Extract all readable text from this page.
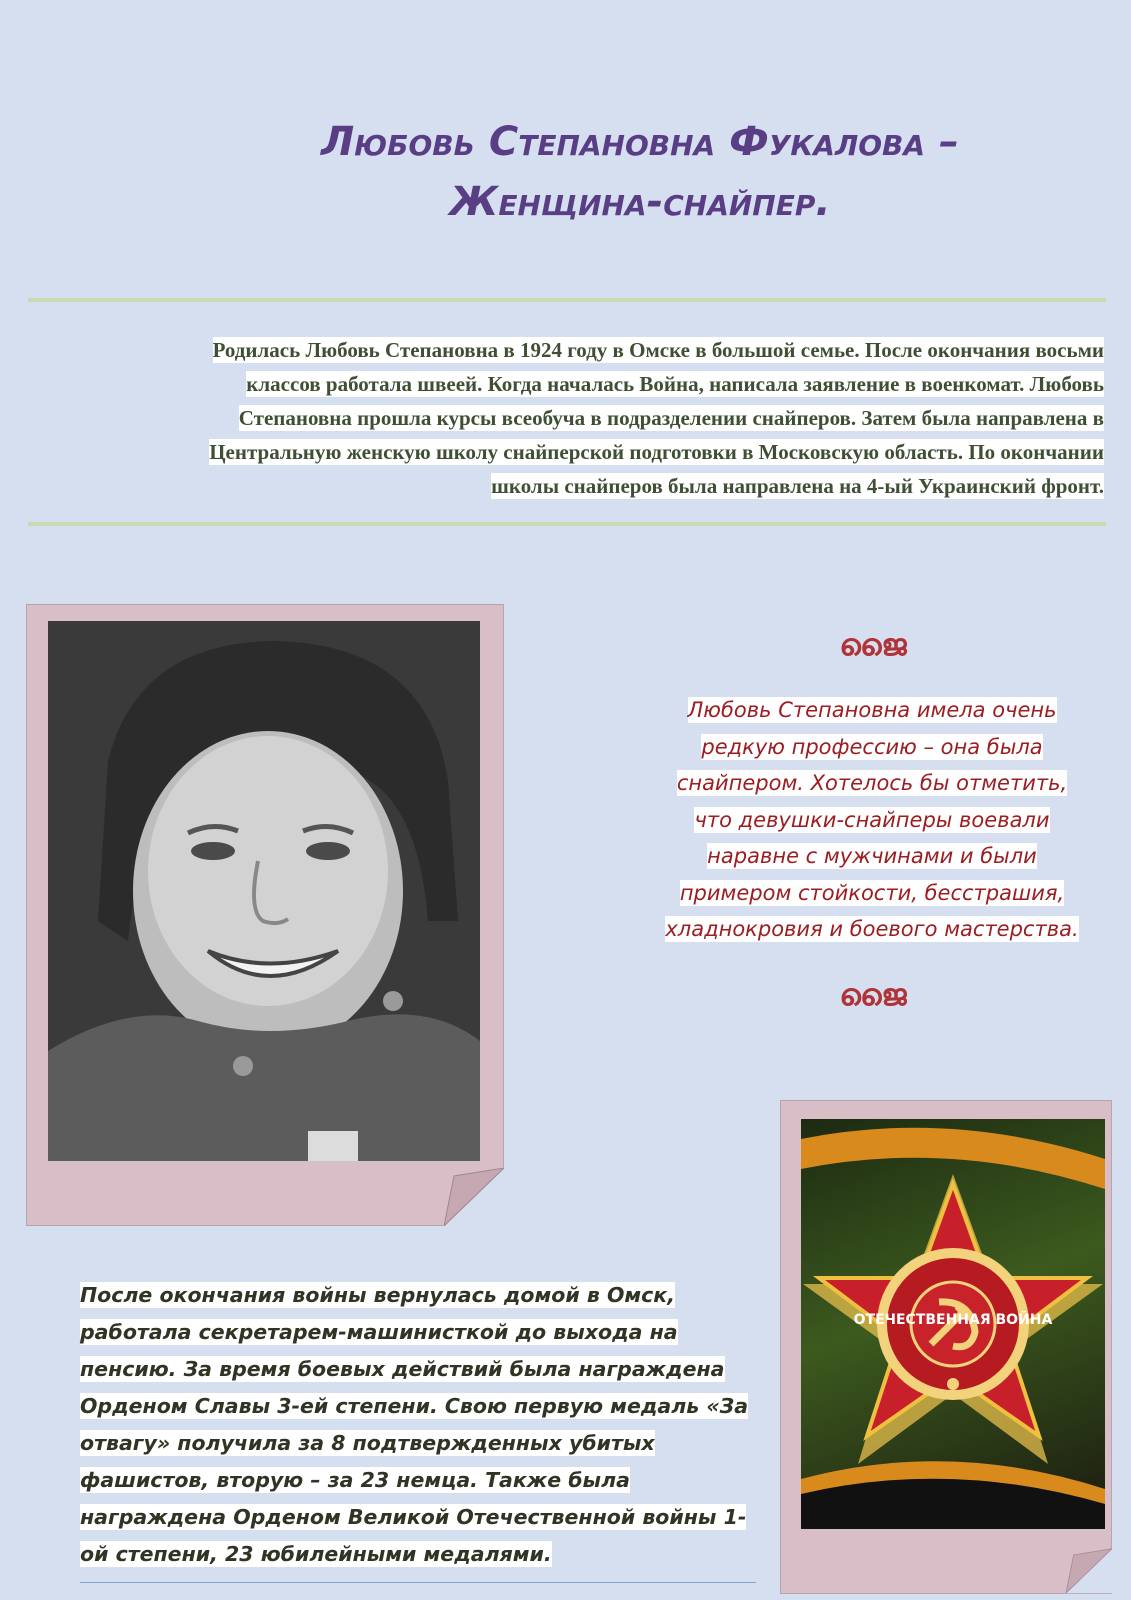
Любовь Степановна Фукалова –
Женщина-снайпер.
Родилась Любовь Степановна в 1924 году в Омске в большой семье. После окончания восьми
классов работала швеей. Когда началась Война, написала заявление в военкомат. Любовь
Степановна прошла курсы всеобуча в подразделении снайперов. Затем была направлена в
Центральную женскую школу снайперской подготовки в Московскую область. По окончании
школы снайперов была направлена на 4-ый Украинский фронт.
ജൈ
Любовь Степановна имела очень
редкую профессию – она была
снайпером. Хотелось бы отметить,
что девушки-снайперы воевали
наравне с мужчинами и были
примером стойкости, бесстрашия,
хладнокровия и боевого мастерства.
ജൈ
ОТЕЧЕСТВЕННАЯ ВОЙНА
После окончания войны вернулась домой в Омск,
работала секретарем-машинисткой до выхода на
пенсию. За время боевых действий была награждена
Орденом Славы 3-ей степени. Свою первую медаль «За
отвагу» получила за 8 подтвержденных убитых
фашистов, вторую – за 23 немца. Также была
награждена Орденом Великой Отечественной войны 1-
ой степени, 23 юбилейными медалями.
